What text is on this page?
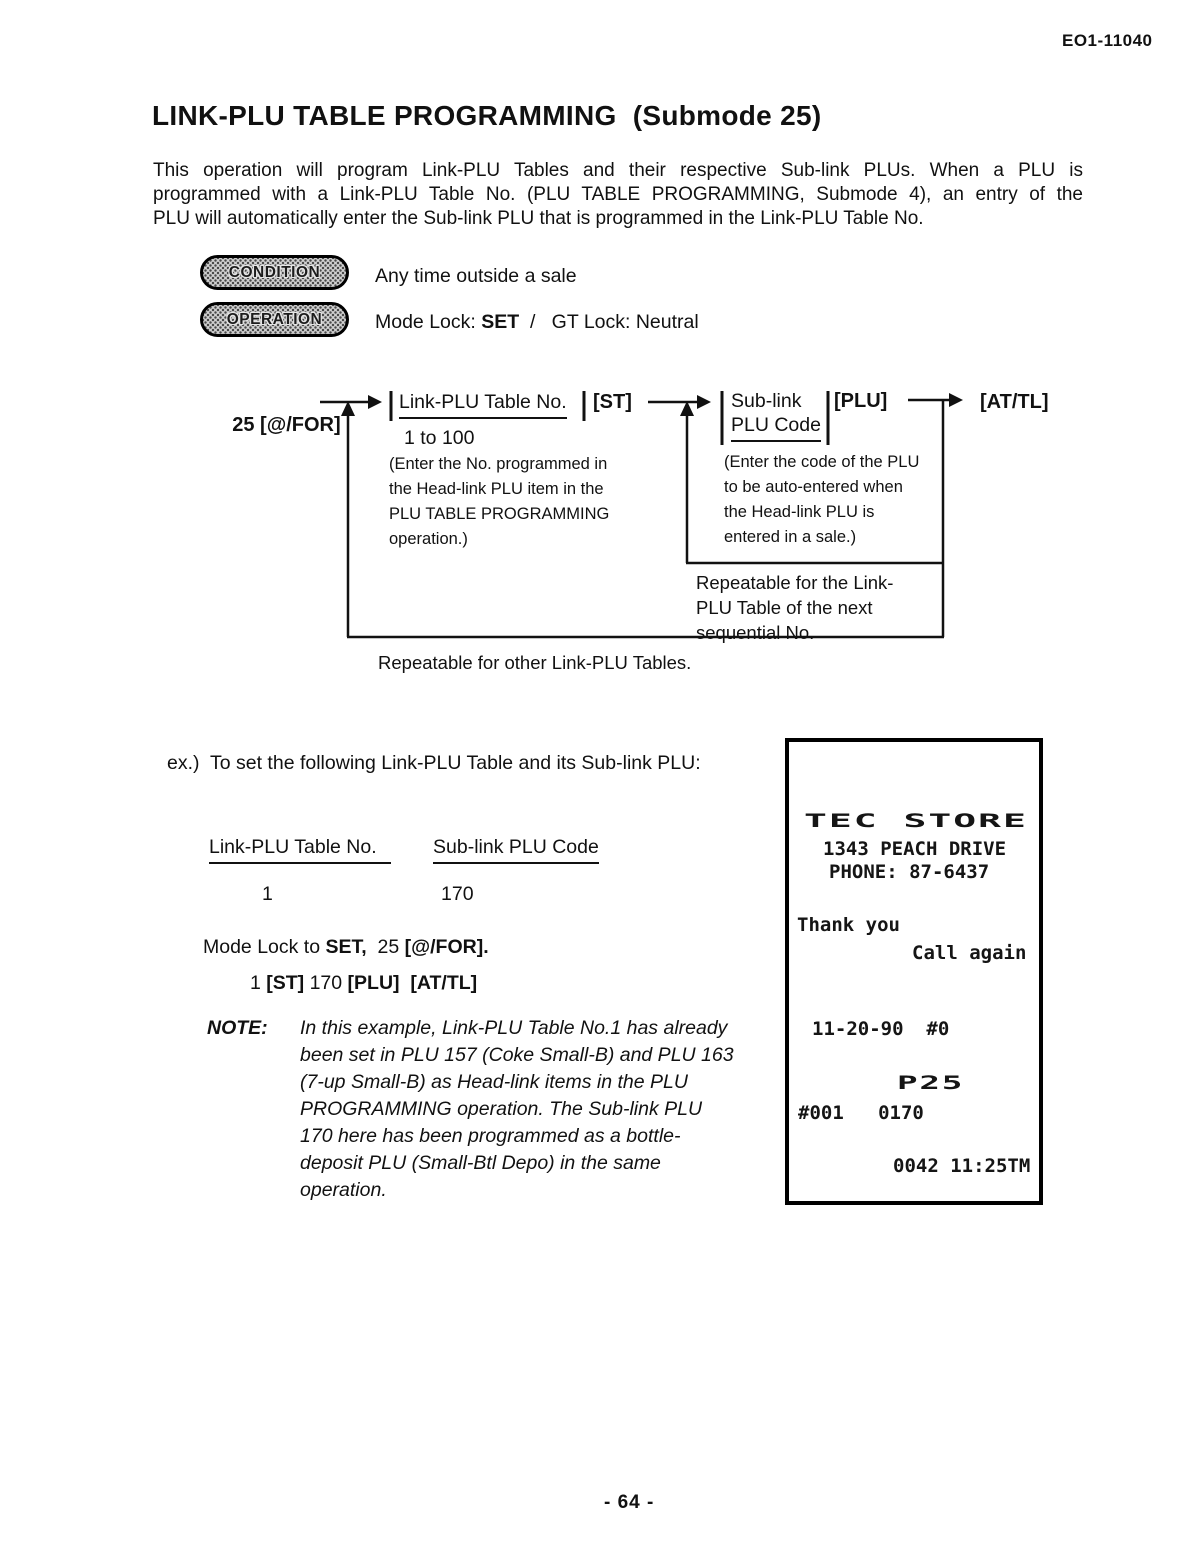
EO1-11040
LINK-PLU TABLE PROGRAMMING  (Submode 25)
This operation will program Link-PLU Tables and their respective Sub-link PLUs. When a PLU is
programmed with a Link-PLU Table No. (PLU TABLE PROGRAMMING, Submode 4), an entry of the
PLU will automatically enter the Sub-link PLU that is programmed in the Link-PLU Table No.
CONDITION	Any time outside a sale
OPERATION	Mode Lock: SET  /   GT Lock: Neutral

25 [@/FOR]

Link-PLU Table No. [ST]
1 to 100
Sub-link
PLU Code
[PLU]	[AT/TL]
(Enter the No. programmed in
the Head-link PLU item in the
PLU TABLE PROGRAMMING
operation.)
(Enter the code of the PLU
to be auto-entered when
the Head-link PLU is
entered in a sale.)
Repeatable for the Link-
PLU Table of the next
sequential No.
Repeatable for other Link-PLU Tables.
ex.)  To set the following Link-PLU Table and its Sub-link PLU:
Link-PLU Table No.	Sub-link PLU Code
1	170
Mode Lock to SET,  25 [@/FOR].
1 [ST] 170 [PLU] [AT/TL]
NOTE: In this example, Link-PLU Table No.1 has already
been set in PLU 157 (Coke Small-B) and PLU 163
(7-up Small-B) as Head-link items in the PLU
PROGRAMMING operation. The Sub-link PLU
170 here has been programmed as a bottle-
deposit PLU (Small-Btl Depo) in the same
operation.
TEC STORE
1343 PEACH DRIVE
PHONE: 87-6437
Thank you
Call again
11-20-90  #0
P25
#001   0170
0042 11:25TM
- 64 -
